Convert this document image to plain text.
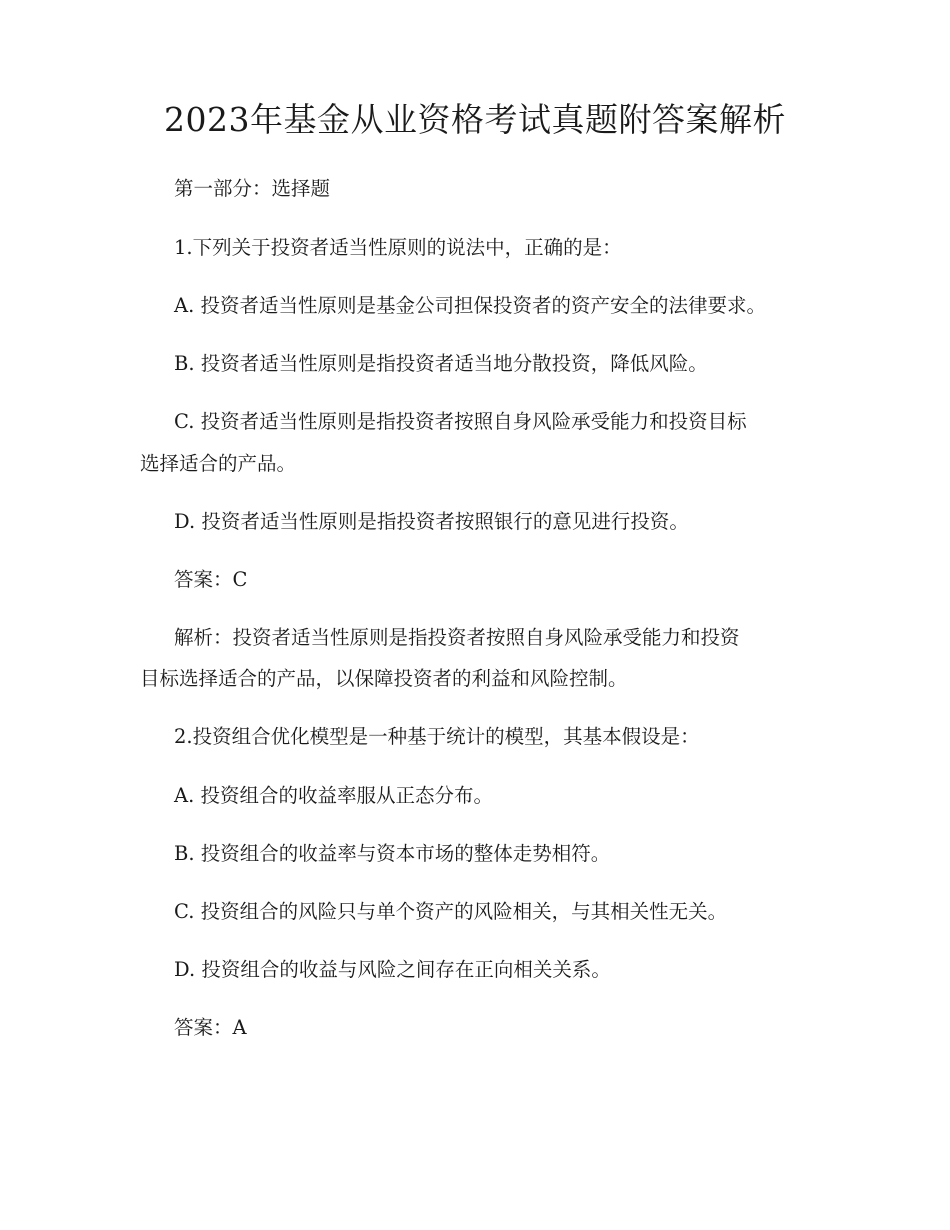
2023年基金从业资格考试真题附答案解析
第一部分：选择题
1.下列关于投资者适当性原则的说法中，正确的是：
A. 投资者适当性原则是基金公司担保投资者的资产安全的法律要求。
B. 投资者适当性原则是指投资者适当地分散投资，降低风险。
C. 投资者适当性原则是指投资者按照自身风险承受能力和投资目标
选择适合的产品。
D. 投资者适当性原则是指投资者按照银行的意见进行投资。
答案：C
解析：投资者适当性原则是指投资者按照自身风险承受能力和投资
目标选择适合的产品，以保障投资者的利益和风险控制。
2.投资组合优化模型是一种基于统计的模型，其基本假设是：
A. 投资组合的收益率服从正态分布。
B. 投资组合的收益率与资本市场的整体走势相符。
C. 投资组合的风险只与单个资产的风险相关，与其相关性无关。
D. 投资组合的收益与风险之间存在正向相关关系。
答案：A
